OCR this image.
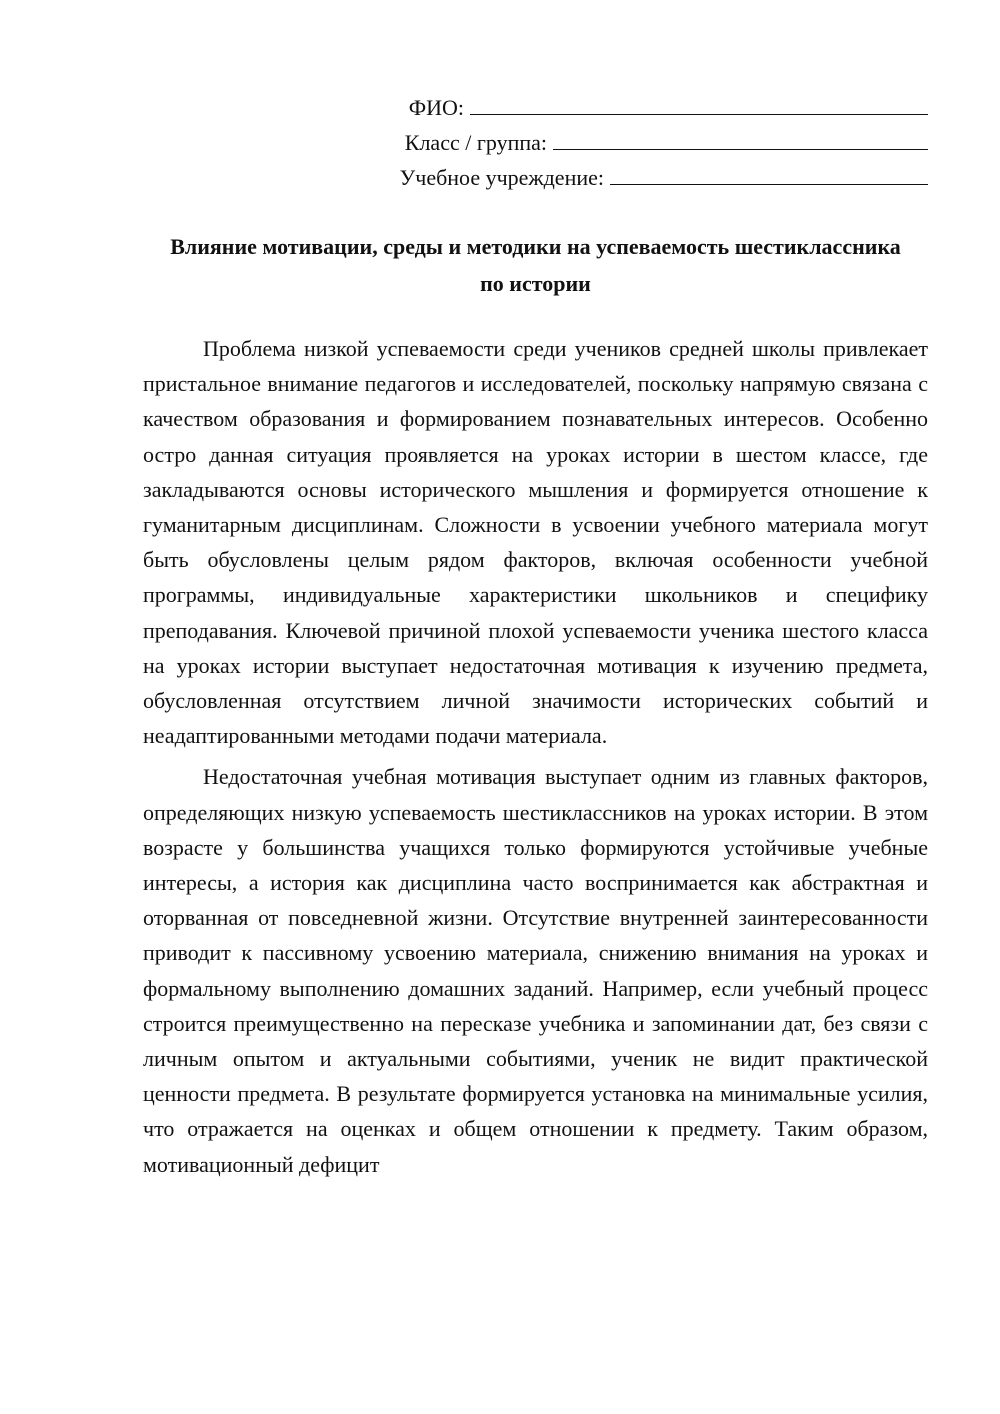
ФИО:
Класс / группа:
Учебное учреждение:
Влияние мотивации, среды и методики на успеваемость шестиклассника
по истории

Проблема низкой успеваемости среди учеников средней школы привлекает пристальное внимание педагогов и исследователей, поскольку напрямую связана с качеством образования и формированием познавательных интересов. Особенно остро данная ситуация проявляется на уроках истории в шестом классе, где закладываются основы исторического мышления и формируется отношение к гуманитарным дисциплинам. Сложности в усвоении учебного материала могут быть обусловлены целым рядом факторов, включая особенности учебной программы, индивидуальные характеристики школьников и специфику преподавания. Ключевой причиной плохой успеваемости ученика шестого класса на уроках истории выступает недостаточная мотивация к изучению предмета, обусловленная отсутствием личной значимости исторических событий и неадаптированными методами подачи материала.

Недостаточная учебная мотивация выступает одним из главных факторов, определяющих низкую успеваемость шестиклассников на уроках истории. В этом возрасте у большинства учащихся только формируются устойчивые учебные интересы, а история как дисциплина часто воспринимается как абстрактная и оторванная от повседневной жизни. Отсутствие внутренней заинтересованности приводит к пассивному усвоению материала, снижению внимания на уроках и формальному выполнению домашних заданий. Например, если учебный процесс строится преимущественно на пересказе учебника и запоминании дат, без связи с личным опытом и актуальными событиями, ученик не видит практической ценности предмета. В результате формируется установка на минимальные усилия, что отражается на оценках и общем отношении к предмету. Таким образом, мотивационный дефицит
